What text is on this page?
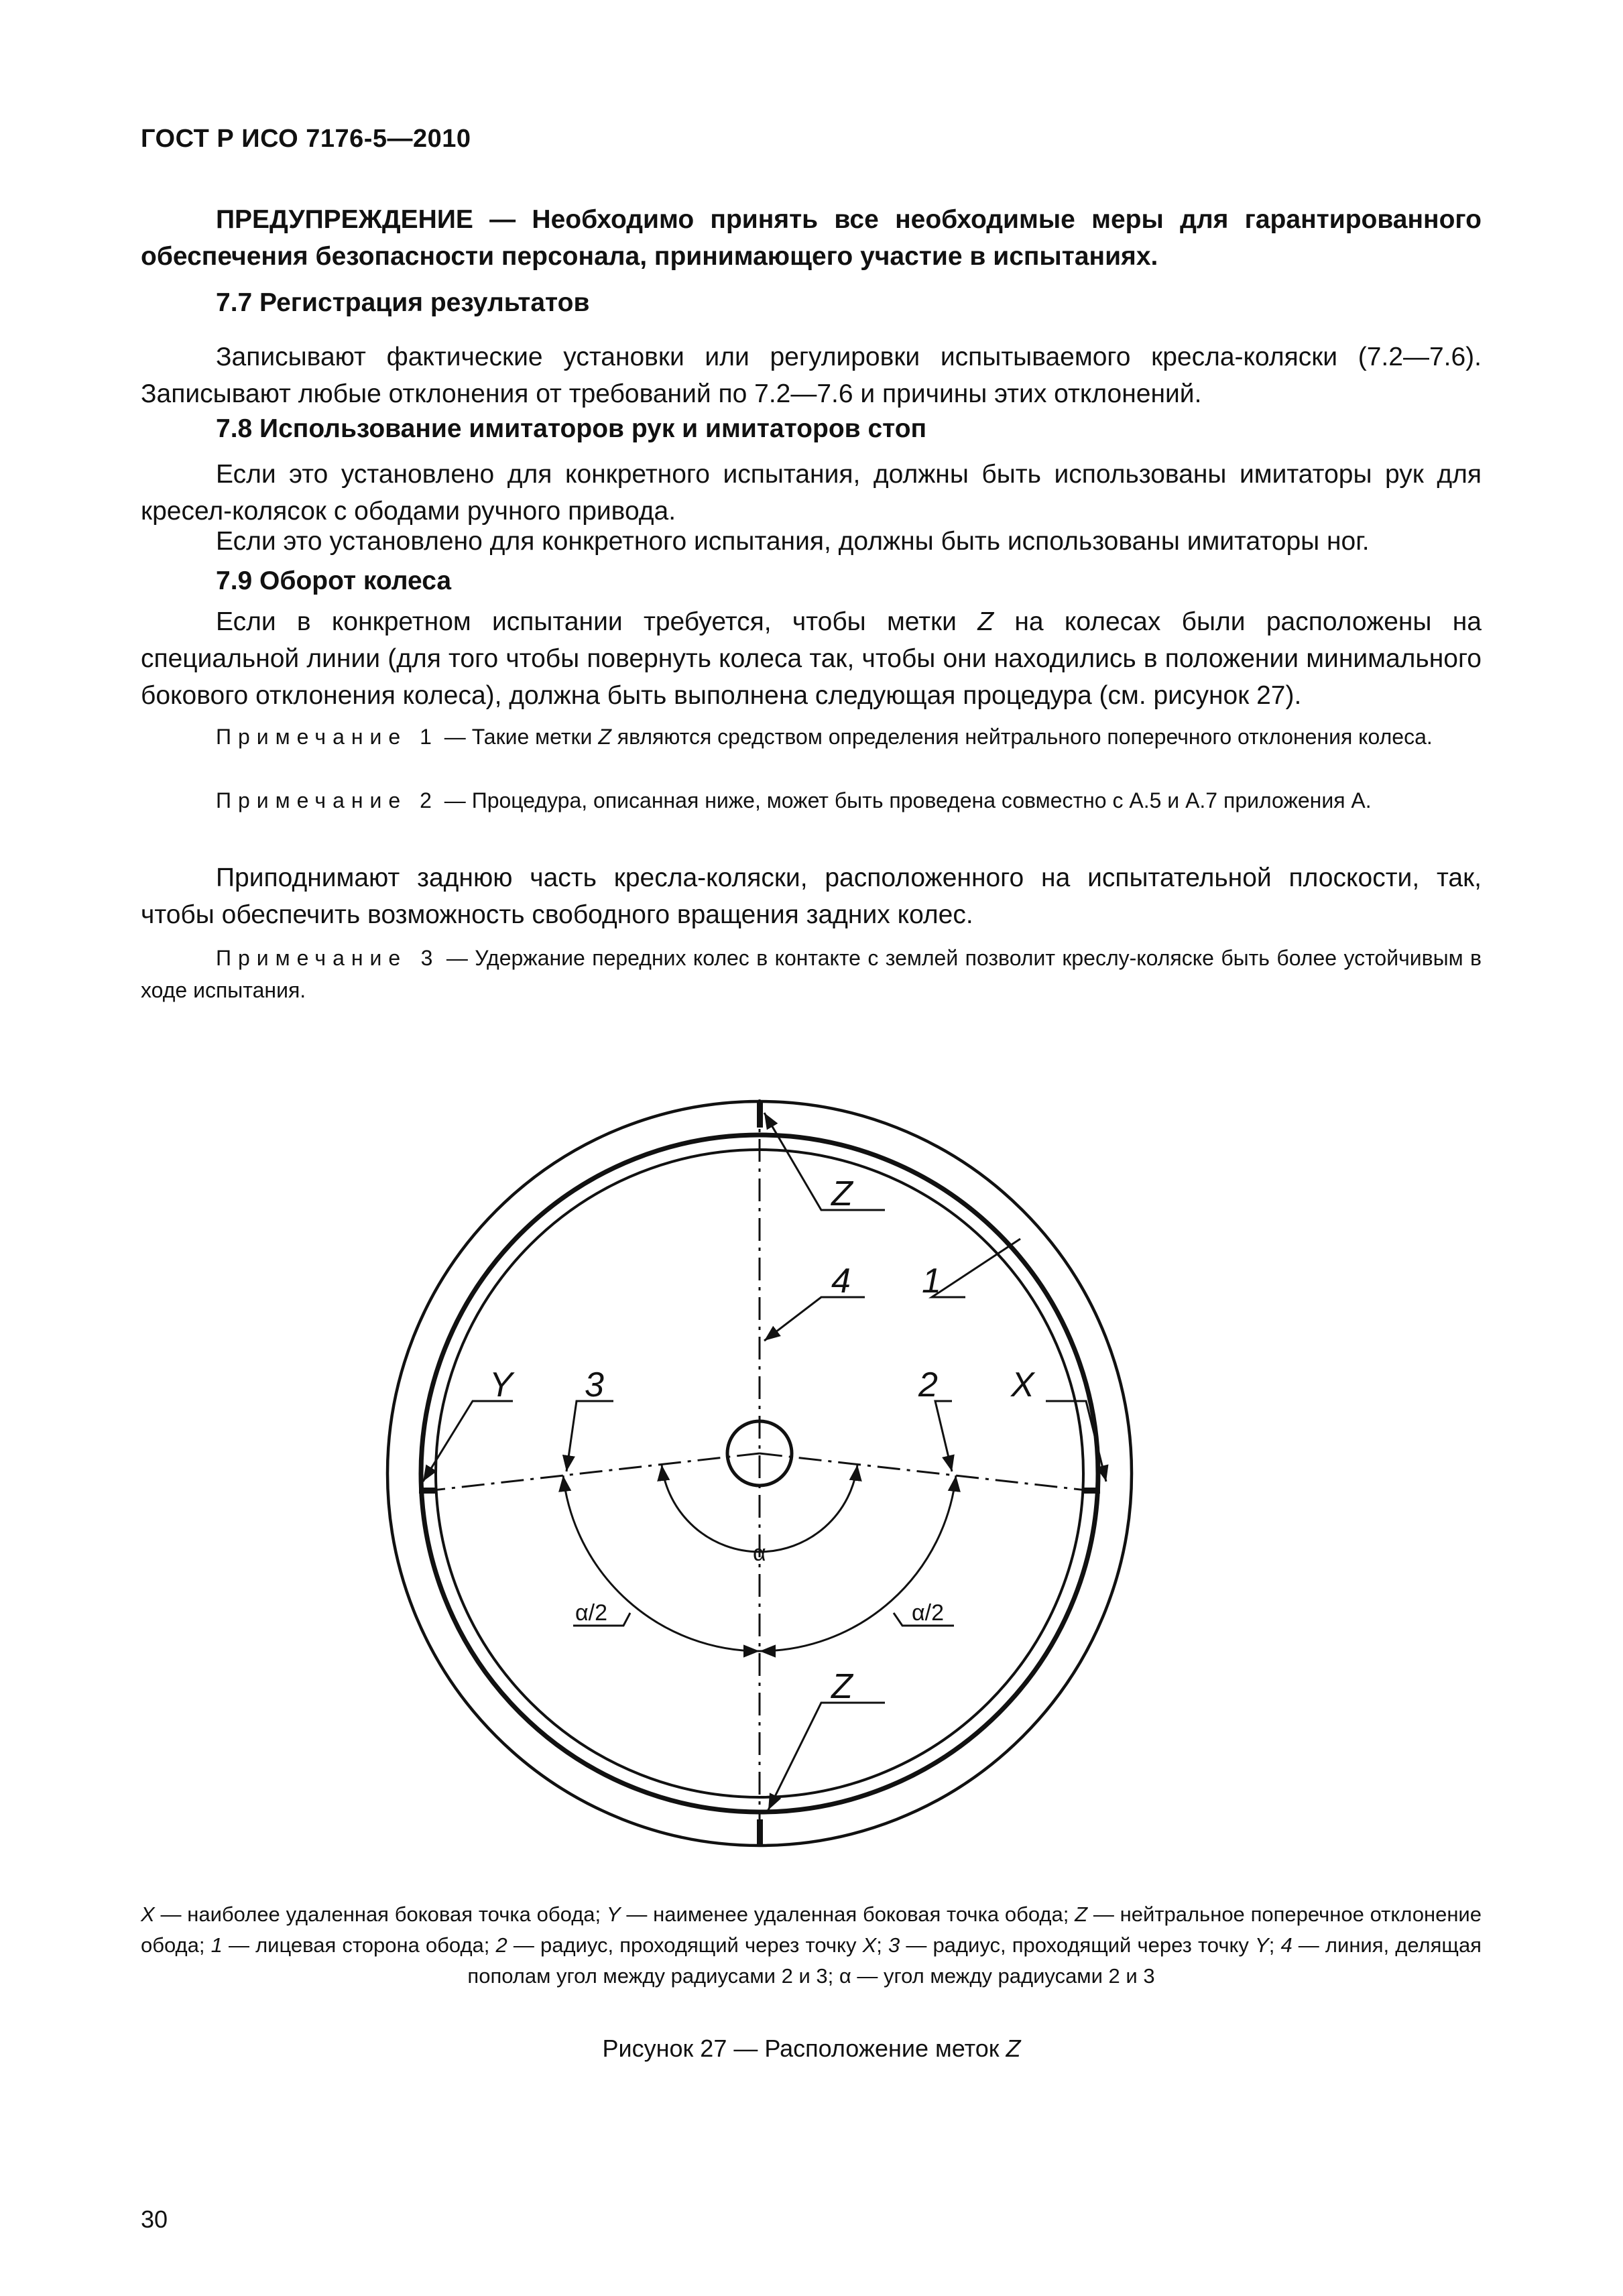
ГОСТ Р ИСО 7176-5—2010
ПРЕДУПРЕЖДЕНИЕ — Необходимо принять все необходимые меры для гарантированного обеспечения безопасности персонала, принимающего участие в испытаниях.
7.7 Регистрация результатов
Записывают фактические установки или регулировки испытываемого кресла-коляски (7.2—7.6). Записывают любые отклонения от требований по 7.2—7.6 и причины этих отклонений.
7.8 Использование имитаторов рук и имитаторов стоп
Если это установлено для конкретного испытания, должны быть использованы имитаторы рук для кресел-колясок с ободами ручного привода.
Если это установлено для конкретного испытания, должны быть использованы имитаторы ног.
7.9 Оборот колеса
Если в конкретном испытании требуется, чтобы метки Z на колесах были расположены на специальной линии (для того чтобы повернуть колеса так, чтобы они находились в положении минимального бокового отклонения колеса), должна быть выполнена следующая процедура (см. рисунок 27).
Примечание 1 — Такие метки Z являются средством определения нейтрального поперечного отклонения колеса.
Примечание 2 — Процедура, описанная ниже, может быть проведена совместно с А.5 и А.7 приложения А.
Приподнимают заднюю часть кресла-коляски, расположенного на испытательной плоскости, так, чтобы обеспечить возможность свободного вращения задних колес.
Примечание 3 — Удержание передних колес в контакте с землей позволит креслу-коляске быть более устойчивым в ходе испытания.
Z
Z
4 1
X
Y	2
3
α
α/2	α/2
X — наиболее удаленная боковая точка обода; Y — наименее удаленная боковая точка обода; Z — нейтральное поперечное отклонение обода; 1 — лицевая сторона обода; 2 — радиус, проходящий через точку X; 3 — радиус, проходящий через точку Y; 4 — линия, делящая пополам угол между радиусами 2 и 3; α — угол между радиусами 2 и 3
Рисунок 27 — Расположение меток Z
30
